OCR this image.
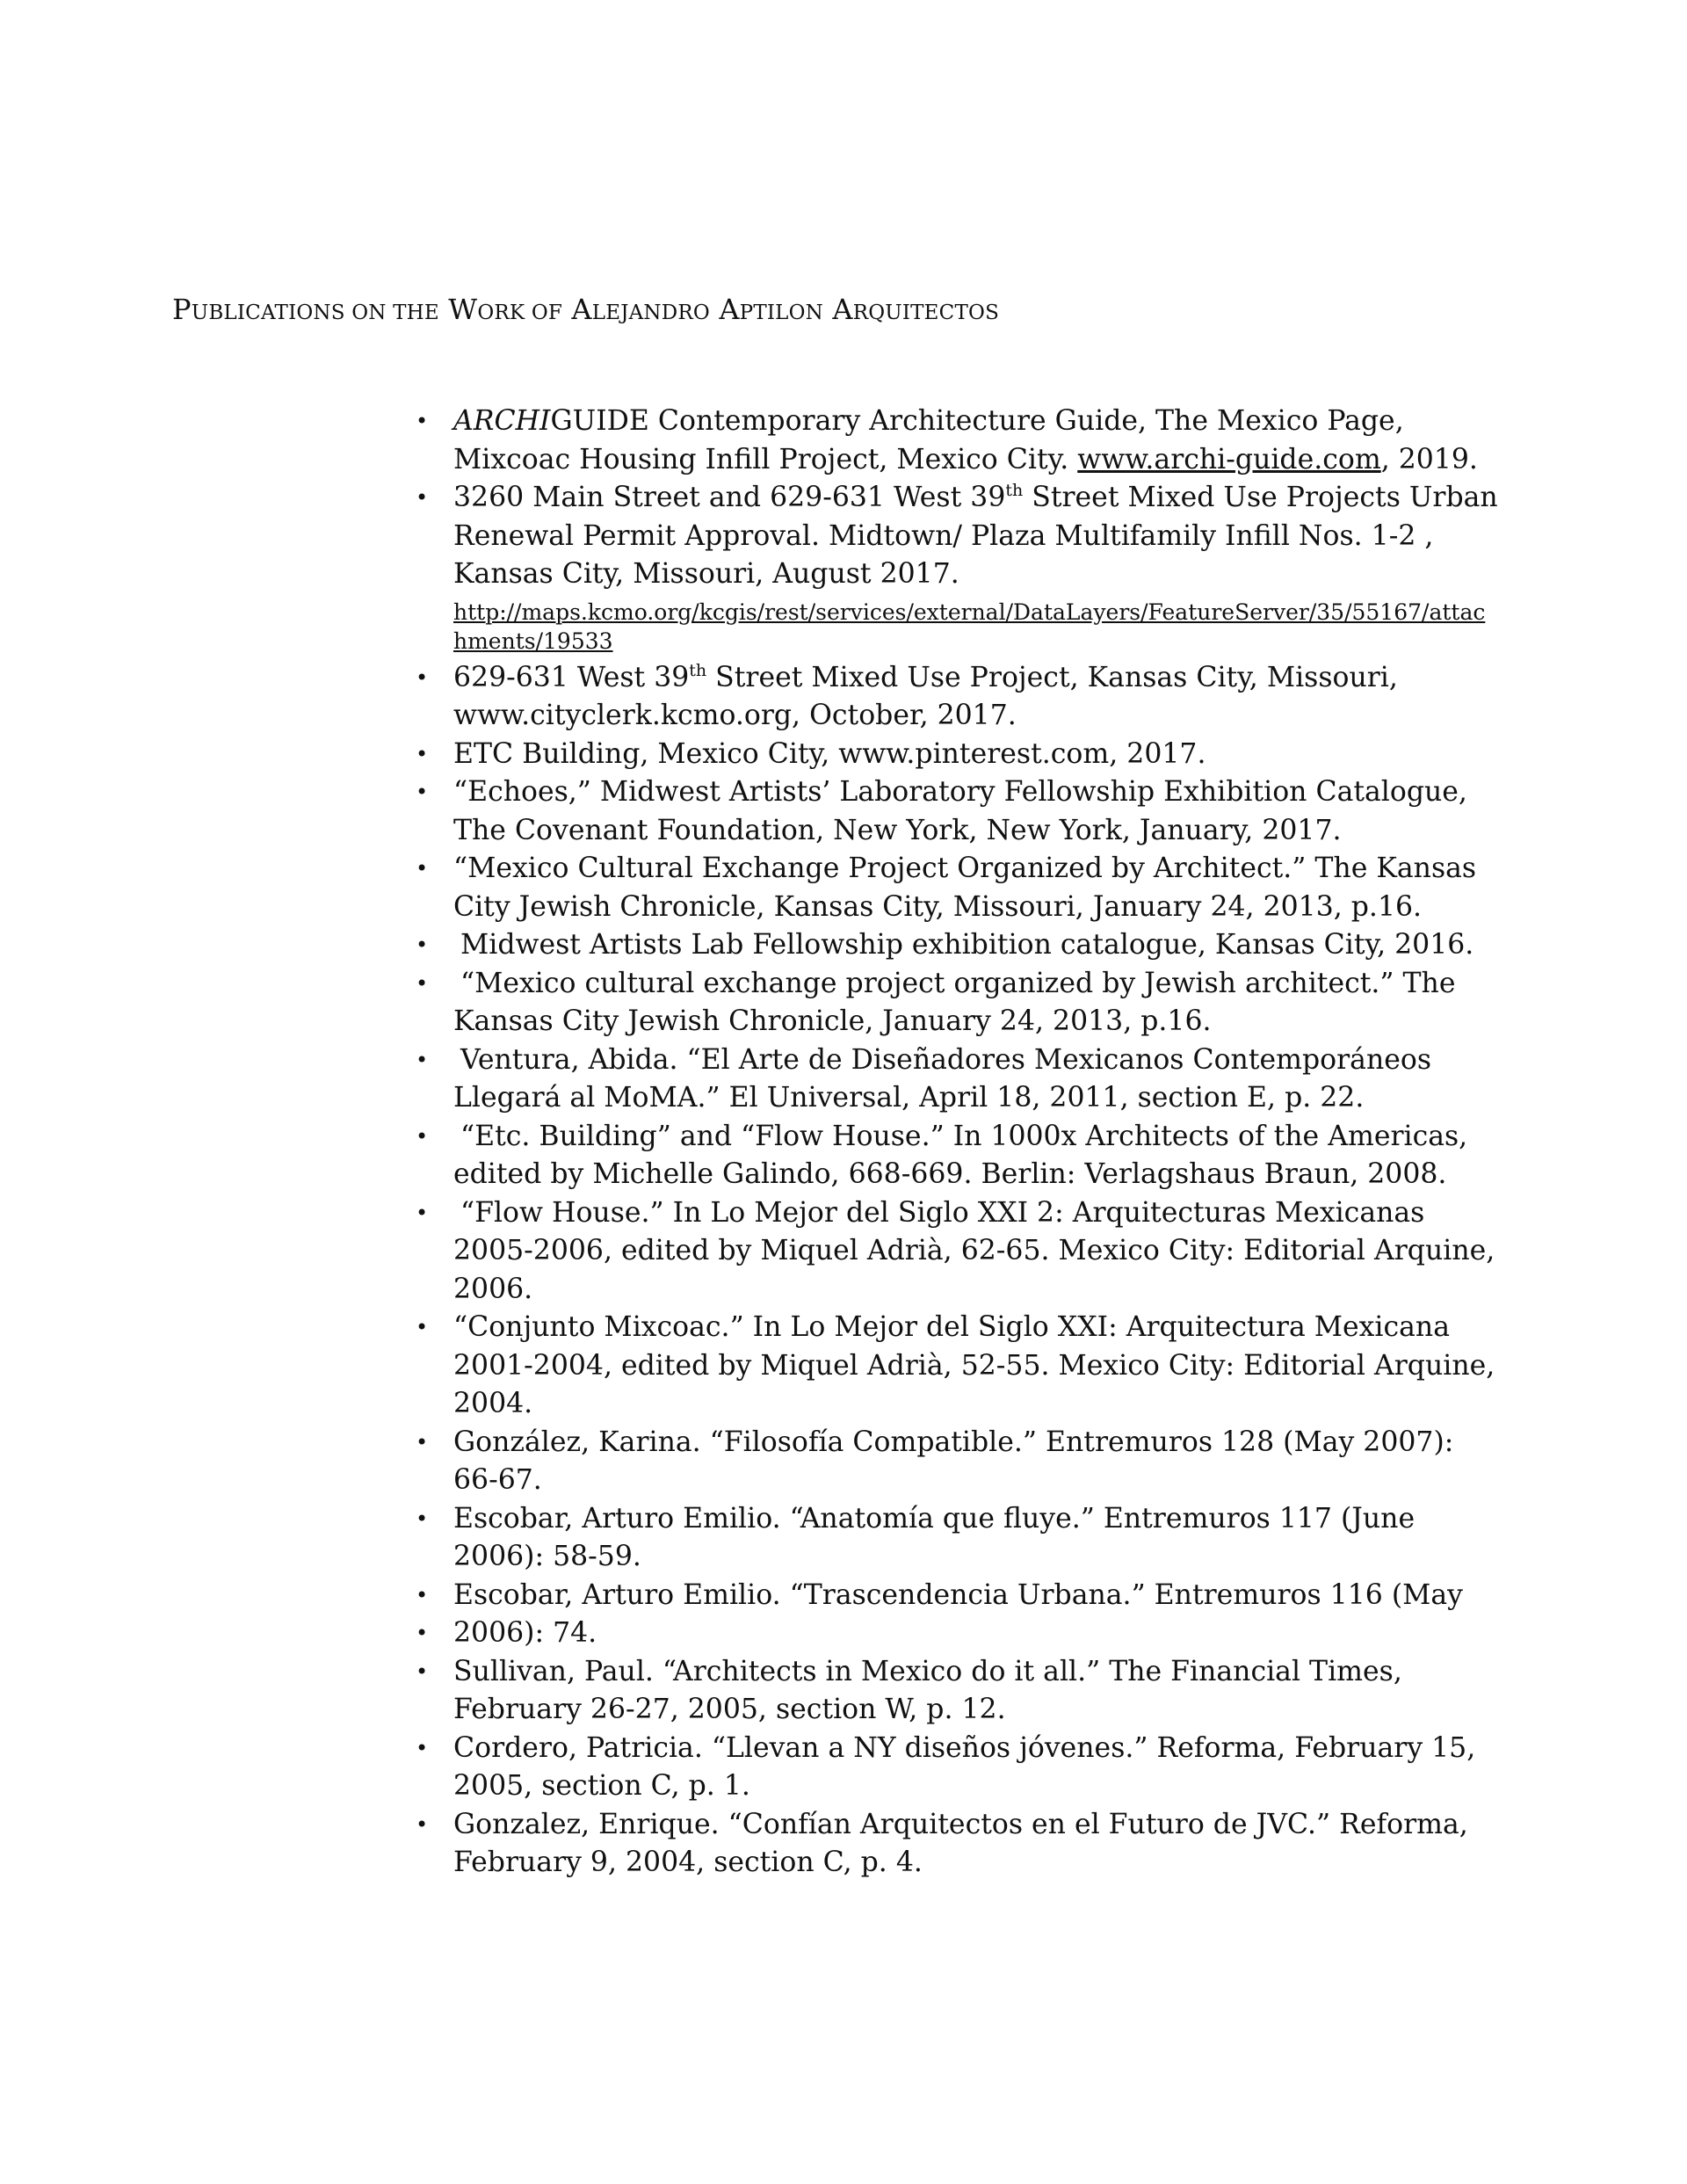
PUBLICATIONS ON THE WORK OF ALEJANDRO APTILON ARQUITECTOS
• ARCHIGUIDE Contemporary Architecture Guide, The Mexico Page, Mixcoac Housing Infill Project, Mexico City. www.archi-guide.com, 2019.
• 3260 Main Street and 629-631 West 39th Street Mixed Use Projects Urban Renewal Permit Approval. Midtown/ Plaza Multifamily Infill Nos. 1-2 , Kansas City, Missouri, August 2017.
http://maps.kcmo.org/kcgis/rest/services/external/DataLayers/FeatureServer/35/55167/attachments/19533
• 629-631 West 39th Street Mixed Use Project, Kansas City, Missouri, www.cityclerk.kcmo.org, October, 2017.
• ETC Building, Mexico City, www.pinterest.com, 2017.
• “Echoes,” Midwest Artists’ Laboratory Fellowship Exhibition Catalogue, The Covenant Foundation, New York, New York, January, 2017.
• “Mexico Cultural Exchange Project Organized by Architect.” The Kansas City Jewish Chronicle, Kansas City, Missouri, January 24, 2013, p.16.
• Midwest Artists Lab Fellowship exhibition catalogue, Kansas City, 2016.
• “Mexico cultural exchange project organized by Jewish architect.” The Kansas City Jewish Chronicle, January 24, 2013, p.16.
• Ventura, Abida. “El Arte de Diseñadores Mexicanos Contemporáneos Llegará al MoMA.” El Universal, April 18, 2011, section E, p. 22.
• “Etc. Building” and “Flow House.” In 1000x Architects of the Americas, edited by Michelle Galindo, 668-669. Berlin: Verlagshaus Braun, 2008.
• “Flow House.” In Lo Mejor del Siglo XXI 2: Arquitecturas Mexicanas 2005-2006, edited by Miquel Adrià, 62-65. Mexico City: Editorial Arquine, 2006.
• “Conjunto Mixcoac.” In Lo Mejor del Siglo XXI: Arquitectura Mexicana 2001-2004, edited by Miquel Adrià, 52-55. Mexico City: Editorial Arquine, 2004.
• González, Karina. “Filosofía Compatible.” Entremuros 128 (May 2007): 66-67.
• Escobar, Arturo Emilio. “Anatomía que fluye.” Entremuros 117 (June 2006): 58-59.
• Escobar, Arturo Emilio. “Trascendencia Urbana.” Entremuros 116 (May
• 2006): 74.
• Sullivan, Paul. “Architects in Mexico do it all.” The Financial Times, February 26-27, 2005, section W, p. 12.
• Cordero, Patricia. “Llevan a NY diseños jóvenes.” Reforma, February 15, 2005, section C, p. 1.
• Gonzalez, Enrique. “Confían Arquitectos en el Futuro de JVC.” Reforma, February 9, 2004, section C, p. 4.
